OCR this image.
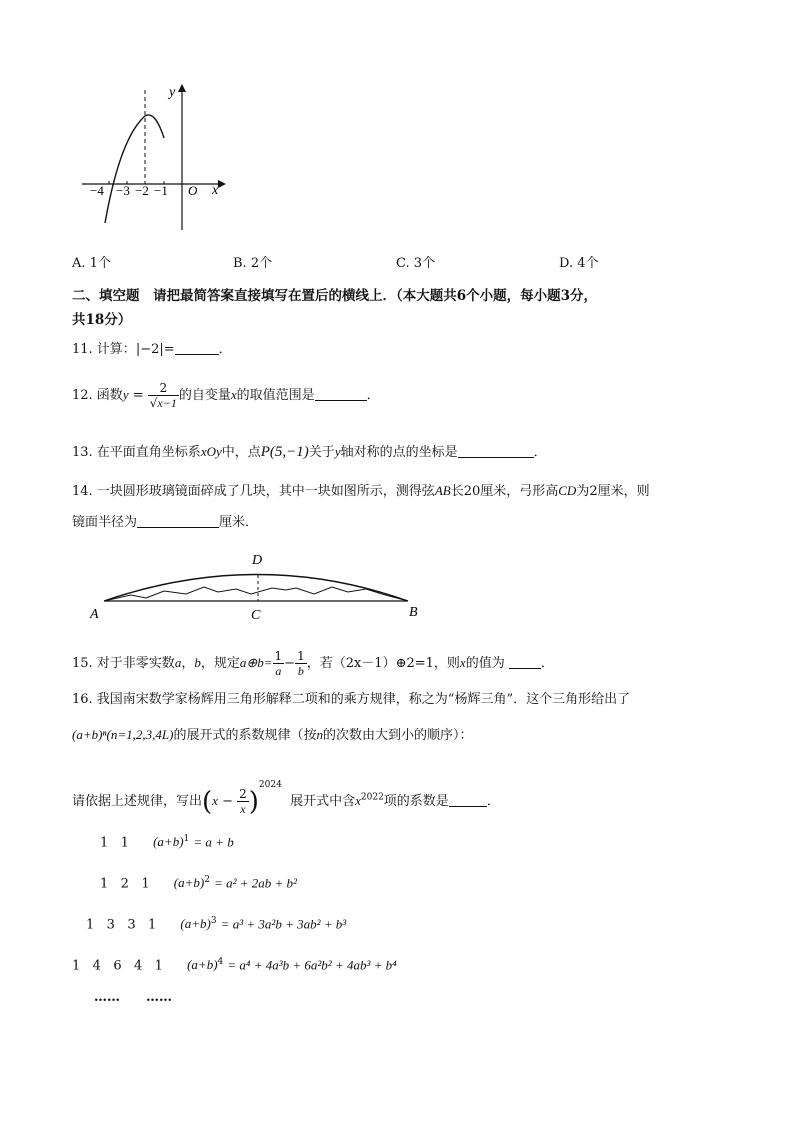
y
x
O
−4 −3 −2 −1
A. 1个	B. 2个	C. 3个	D. 4个
二、填空题　请把最简答案直接填写在置后的横线上．（本大题共6个小题，每小题3分，
共18分）
11. 计算：|−2|=	．
12. 函数$y = \frac{2}{√x-1}$ 的自变量x的取值范围是	．
13. 在平面直角坐标系xOy中，点P(5,−1)关于y轴对称的点的坐标是	．
14. 一块圆形玻璃镜面碎成了几块，其中一块如图所示，测得弦AB长20厘米，弓形高CD为2厘米，则
镜面半径为	厘米．
A	B
C
D
15. 对于非零实数a，b，规定a⊕b= $\frac{1}{a} - \frac{1}{b}$ ，若（2x－1）⊕2=1，则x的值为	．
16. 我国南宋数学家杨辉用三角形解释二项和的乘方规律，称之为“杨辉三角”．这个三角形给出了
(a+b)ⁿ(n=1,2,3,4L)的展开式的系数规律（按n的次数由大到小的顺序）：
请依据上述规律，写出$(x - \frac{2}{x} )^{2024}$  展开式中含$x^{2022}$项的系数是	．
1   1 $(a+b)^1 = a + b$
1   2   1 $(a+b)^2 = a^2 + 2ab + b^2$
1   3   3   1 $(a+b)^3 = a^3 + 3a^2b + 3ab^2 + b^3$
1   4   6   4   1 $(a+b)^4 = a^4 + 4a^3b + 6a^2b^2 + 4ab^3 + b^4$
…… ……
